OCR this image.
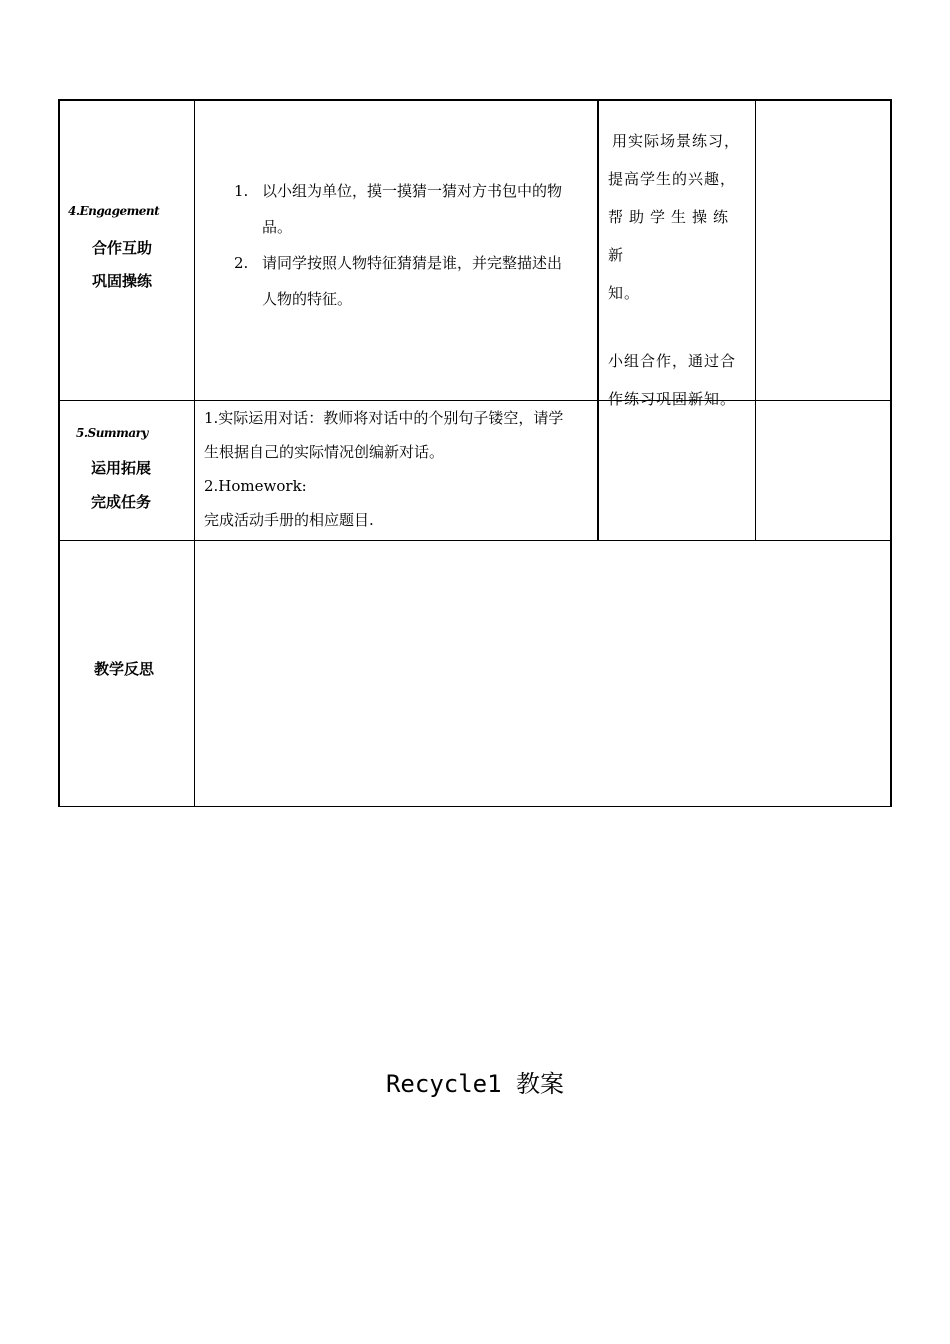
4.Engagement
合作互助
巩固操练
1. 以小组为单位，摸一摸猜一猜对方书包中的物
品。
2. 请同学按照人物特征猜猜是谁，并完整描述出
人物的特征。
用实际场景练习，
提高学生的兴趣，
帮助学生操练新
知。
小组合作，通过合
作练习巩固新知。
5.Summary
运用拓展
完成任务
1.实际运用对话：教师将对话中的个别句子镂空，请学
生根据自己的实际情况创编新对话。
2.Homework:
完成活动手册的相应题目.
教学反思
Recycle1 教案
